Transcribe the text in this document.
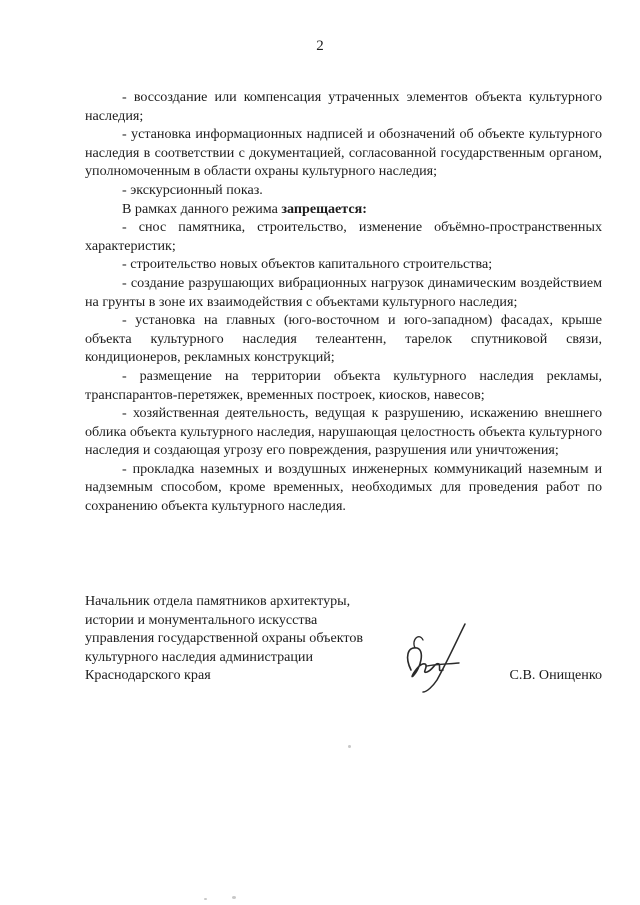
2

- воссоздание или компенсация утраченных элементов объекта культурного наследия;

- установка информационных надписей и обозначений об объекте культурного наследия в соответствии с документацией, согласованной государственным органом, уполномоченным в области охраны культурного наследия;

- экскурсионный показ.

В рамках данного режима запрещается:

- снос памятника, строительство, изменение объёмно-пространственных характеристик;

- строительство новых объектов капитального строительства;

- создание разрушающих вибрационных нагрузок динамическим воздействием на грунты в зоне их взаимодействия с объектами культурного наследия;

- установка на главных (юго-восточном и юго-западном) фасадах, крыше объекта культурного наследия телеантенн, тарелок спутниковой связи, кондиционеров, рекламных конструкций;

- размещение на территории объекта культурного наследия рекламы, транспарантов-перетяжек, временных построек, киосков, навесов;

- хозяйственная деятельность, ведущая к разрушению, искажению внешнего облика объекта культурного наследия, нарушающая целостность объекта культурного наследия и создающая угрозу его повреждения, разрушения или уничтожения;

- прокладка наземных и воздушных инженерных коммуникаций наземным и надземным способом, кроме временных, необходимых для проведения работ по сохранению объекта культурного наследия.

Начальник отдела памятников архитектуры,
истории и монументального искусства
управления государственной охраны объектов
культурного наследия администрации
Краснодарского края	С.В. Онищенко
